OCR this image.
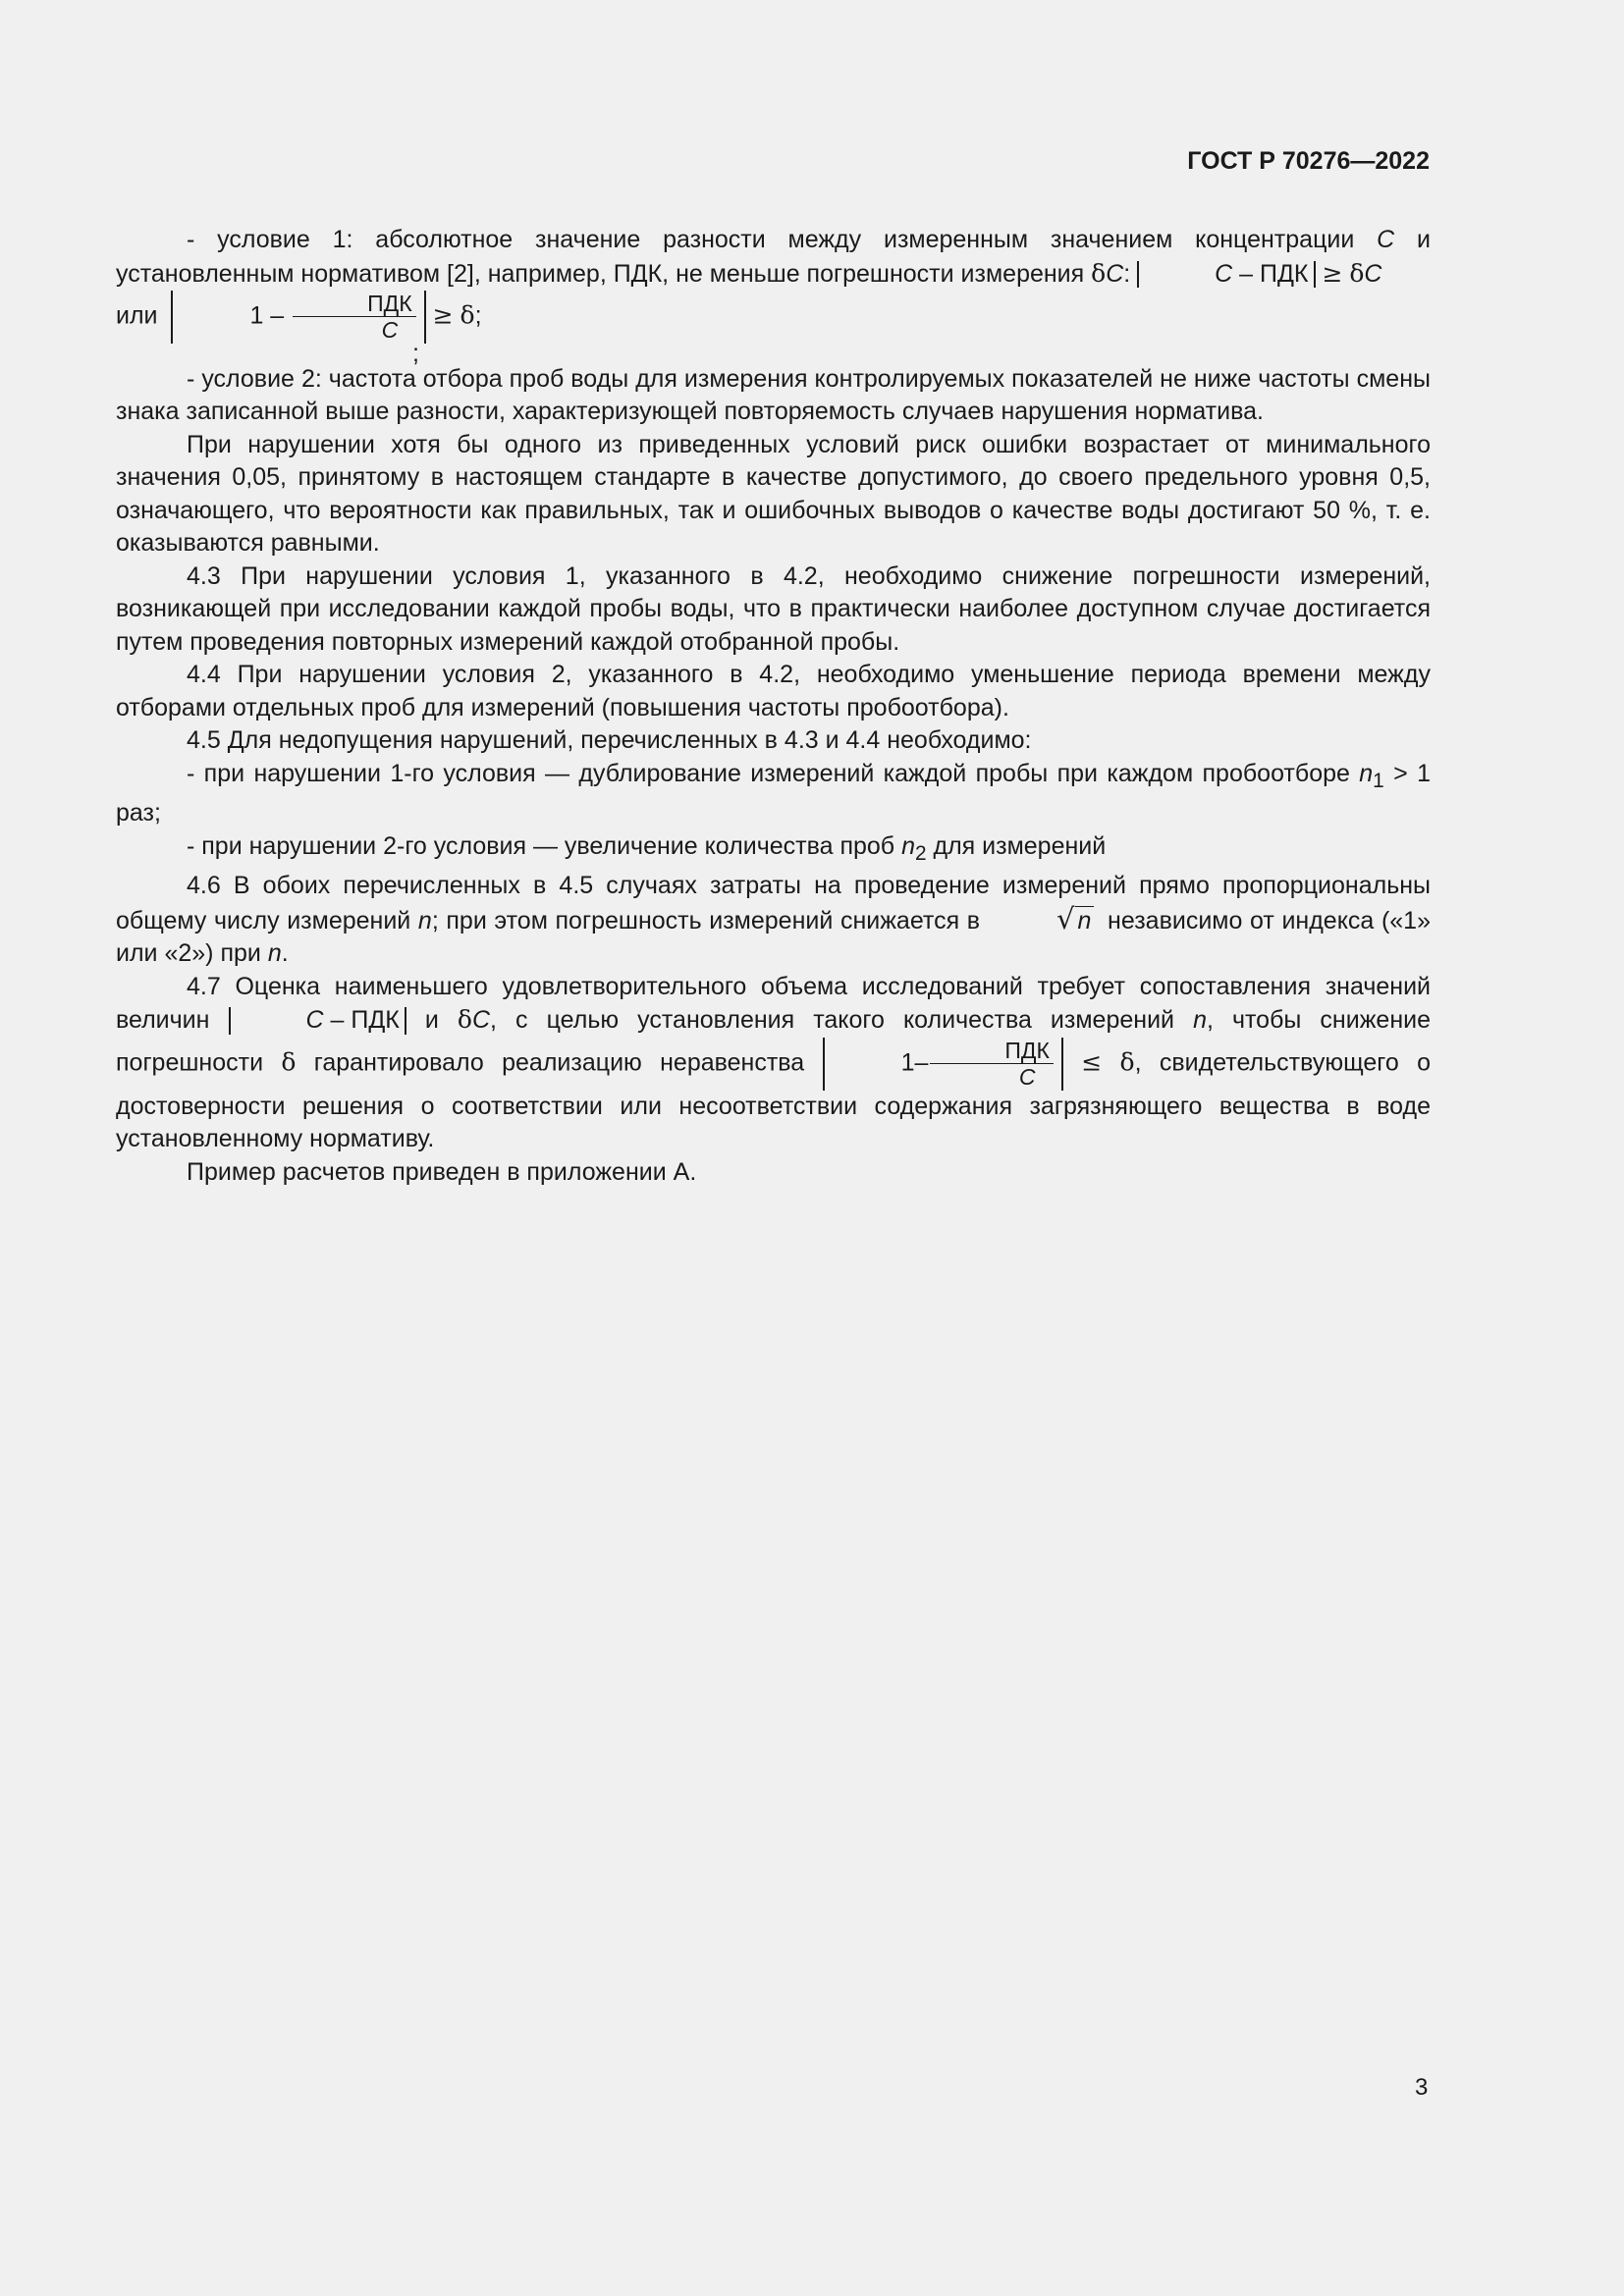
ГОСТ Р 70276—2022

- условие 1: абсолютное значение разности между измеренным значением концентрации C и установленным нормативом [2], например, ПДК, не меньше погрешности измерения δC:	C – ПДК ≥ δC
или	$1 - \frac{\text{ПДК}}{C} \ge \delta$;
;

- условие 2: частота отбора проб воды для измерения контролируемых показателей не ниже частоты смены знака записанной выше разности, характеризующей повторяемость случаев нарушения норматива.

При нарушении хотя бы одного из приведенных условий риск ошибки возрастает от минимального значения 0,05, принятому в настоящем стандарте в качестве допустимого, до своего предельного уровня 0,5, означающего, что вероятности как правильных, так и ошибочных выводов о качестве воды достигают 50 %, т. е. оказываются равными.

4.3 При нарушении условия 1, указанного в 4.2, необходимо снижение погрешности измерений, возникающей при исследовании каждой пробы воды, что в практически наиболее доступном случае достигается путем проведения повторных измерений каждой отобранной пробы.

4.4 При нарушении условия 2, указанного в 4.2, необходимо уменьшение периода времени между отборами отдельных проб для измерений (повышения частоты пробоотбора).

4.5 Для недопущения нарушений, перечисленных в 4.3 и 4.4 необходимо:

- при нарушении 1-го условия — дублирование измерений каждой пробы при каждом пробоотборе $n_1 > 1$ раз;

- при нарушении 2-го условия — увеличение количества проб $n_2$ для измерений

4.6 В обоих перечисленных в 4.5 случаях затраты на проведение измерений прямо пропорциональны общему числу измерений n; при этом погрешность измерений снижается в	√ n независимо от индекса («1» или «2») при n.

4.7 Оценка наименьшего удовлетворительного объема исследований требует сопоставления значений величин	C – ПДК и δC, с целью установления такого количества измерений n, чтобы снижение погрешности δ гарантировало реализацию неравенства	$1- \frac{\text{ПДК}}{C} \le \delta$, свидетельствующего о достоверности решения о соответствии или несоответствии содержания загрязняющего вещества в воде установленному нормативу.

Пример расчетов приведен в приложении А.

3
